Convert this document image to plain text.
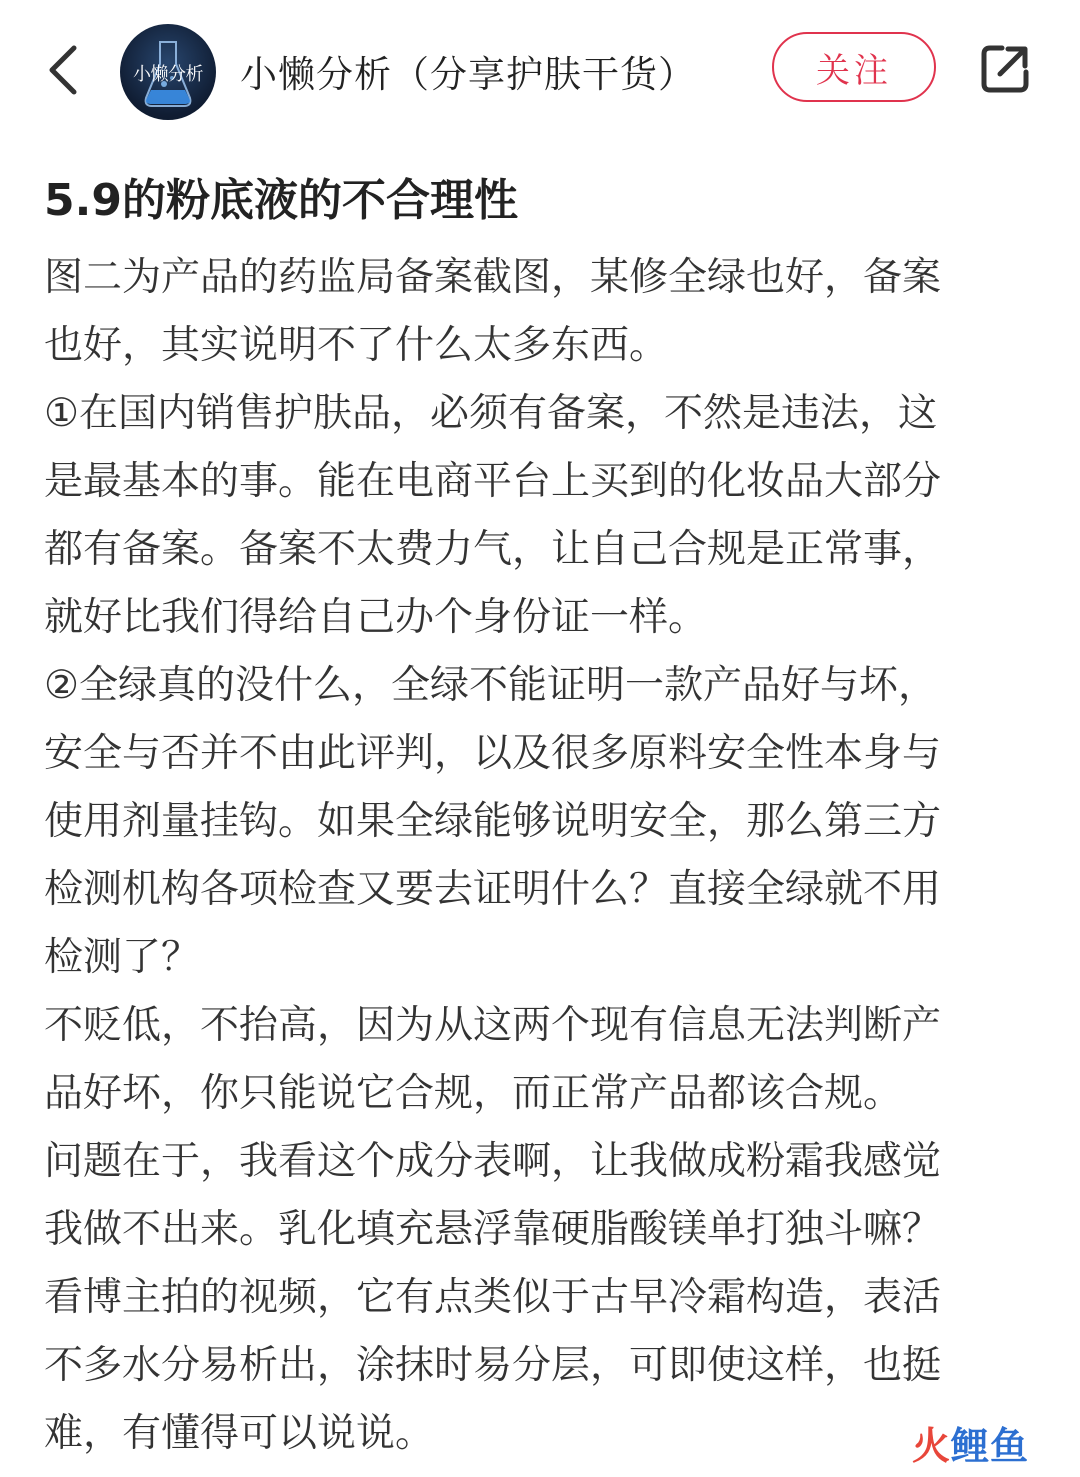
小懒分析	小懒分析（分享护肤干货）	关注
5.9的粉底液的不合理性

图二为产品的药监局备案截图，某修全绿也好，备案

也好，其实说明不了什么太多东西。

①在国内销售护肤品，必须有备案，不然是违法，这

是最基本的事。能在电商平台上买到的化妆品大部分

都有备案。备案不太费力气，让自己合规是正常事，

就好比我们得给自己办个身份证一样。

②全绿真的没什么，全绿不能证明一款产品好与坏，

安全与否并不由此评判，以及很多原料安全性本身与

使用剂量挂钩。如果全绿能够说明安全，那么第三方

检测机构各项检查又要去证明什么？直接全绿就不用

检测了？

不贬低，不抬高，因为从这两个现有信息无法判断产

品好坏，你只能说它合规，而正常产品都该合规。

问题在于，我看这个成分表啊，让我做成粉霜我感觉

我做不出来。乳化填充悬浮靠硬脂酸镁单打独斗嘛？

看博主拍的视频，它有点类似于古早冷霜构造，表活

不多水分易析出，涂抹时易分层，可即使这样，也挺

难，有懂得可以说说。	火鲤鱼
